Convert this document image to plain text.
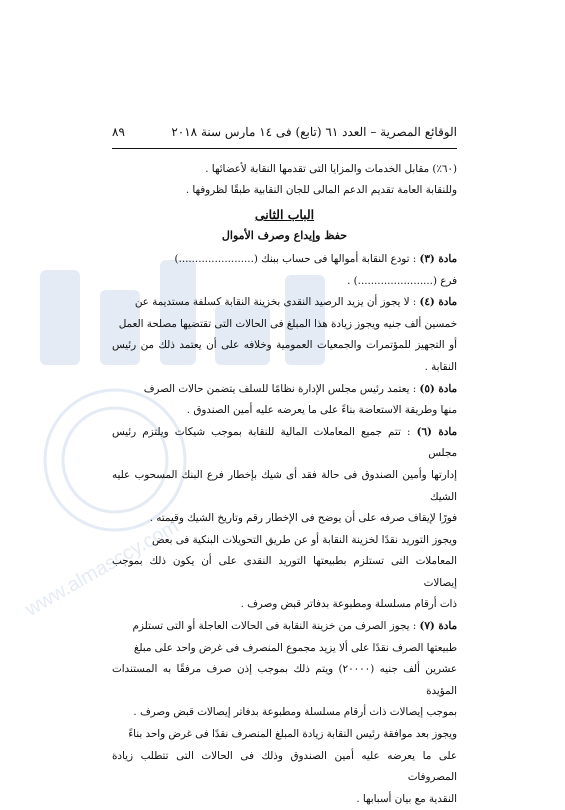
www.almasccy.com
الوقائع المصرية – العدد ٦١ (تابع) فى ١٤ مارس سنة ٢٠١٨
٨٩

(٦٠٪) مقابل الخدمات والمزايا التى تقدمها النقابة لأعضائها .

وللنقابة العامة تقديم الدعم المالى للجان النقابية طبقًا لظروفها .

الباب الثانى

حفظ وإيداع وصرف الأموال

مادة (٣) : تودع النقابة أموالها فى حساب ببنك (.......................)

فرع (.......................) .

مادة (٤) : لا يجوز أن يزيد الرصيد النقدى بخزينة النقابة كسلفة مستديمة عن

خمسين ألف جنيه ويجوز زيادة هذا المبلغ فى الحالات التى تقتضيها مصلحة العمل

أو التجهيز للمؤتمرات والجمعيات العمومية وخلافه على أن يعتمد ذلك من رئيس النقابة .

مادة (٥) : يعتمد رئيس مجلس الإدارة نظامًا للسلف يتضمن حالات الصرف

منها وطريقة الاستعاضة بناءً على ما يعرضه عليه أمين الصندوق .

مادة (٦) : تتم جميع المعاملات المالية للنقابة بموجب شيكات ويلتزم رئيس مجلس

إدارتها وأمين الصندوق فى حالة فقد أى شيك بإخطار فرع البنك المسحوب عليه الشيك

فورًا لإيقاف صرفه على أن يوضح فى الإخطار رقم وتاريخ الشيك وقيمته .

ويجوز التوريد نقدًا لخزينة النقابة أو عن طريق التحويلات البنكية فى بعض

المعاملات التى تستلزم بطبيعتها التوريد النقدى على أن يكون ذلك بموجب إيصالات

ذات أرقام مسلسلة ومطبوعة بدفاتر قبض وصرف .

مادة (٧) : يجوز الصرف من خزينة النقابة فى الحالات العاجلة أو التى تستلزم

طبيعتها الصرف نقدًا على ألا يزيد مجموع المنصرف فى غرض واحد على مبلغ

عشرين ألف جنيه (٢٠٠٠٠) ويتم ذلك بموجب إذن صرف مرفقًا به المستندات المؤيدة

بموجب إيصالات ذات أرقام مسلسلة ومطبوعة بدفاتر إيصالات قبض وصرف .

ويجوز بعد موافقة رئيس النقابة زيادة المبلغ المنصرف نقدًا فى غرض واحد بناءً

على ما يعرضه عليه أمين الصندوق وذلك فى الحالات التى تتطلب زيادة المصروفات

النقدية مع بيان أسبابها .
